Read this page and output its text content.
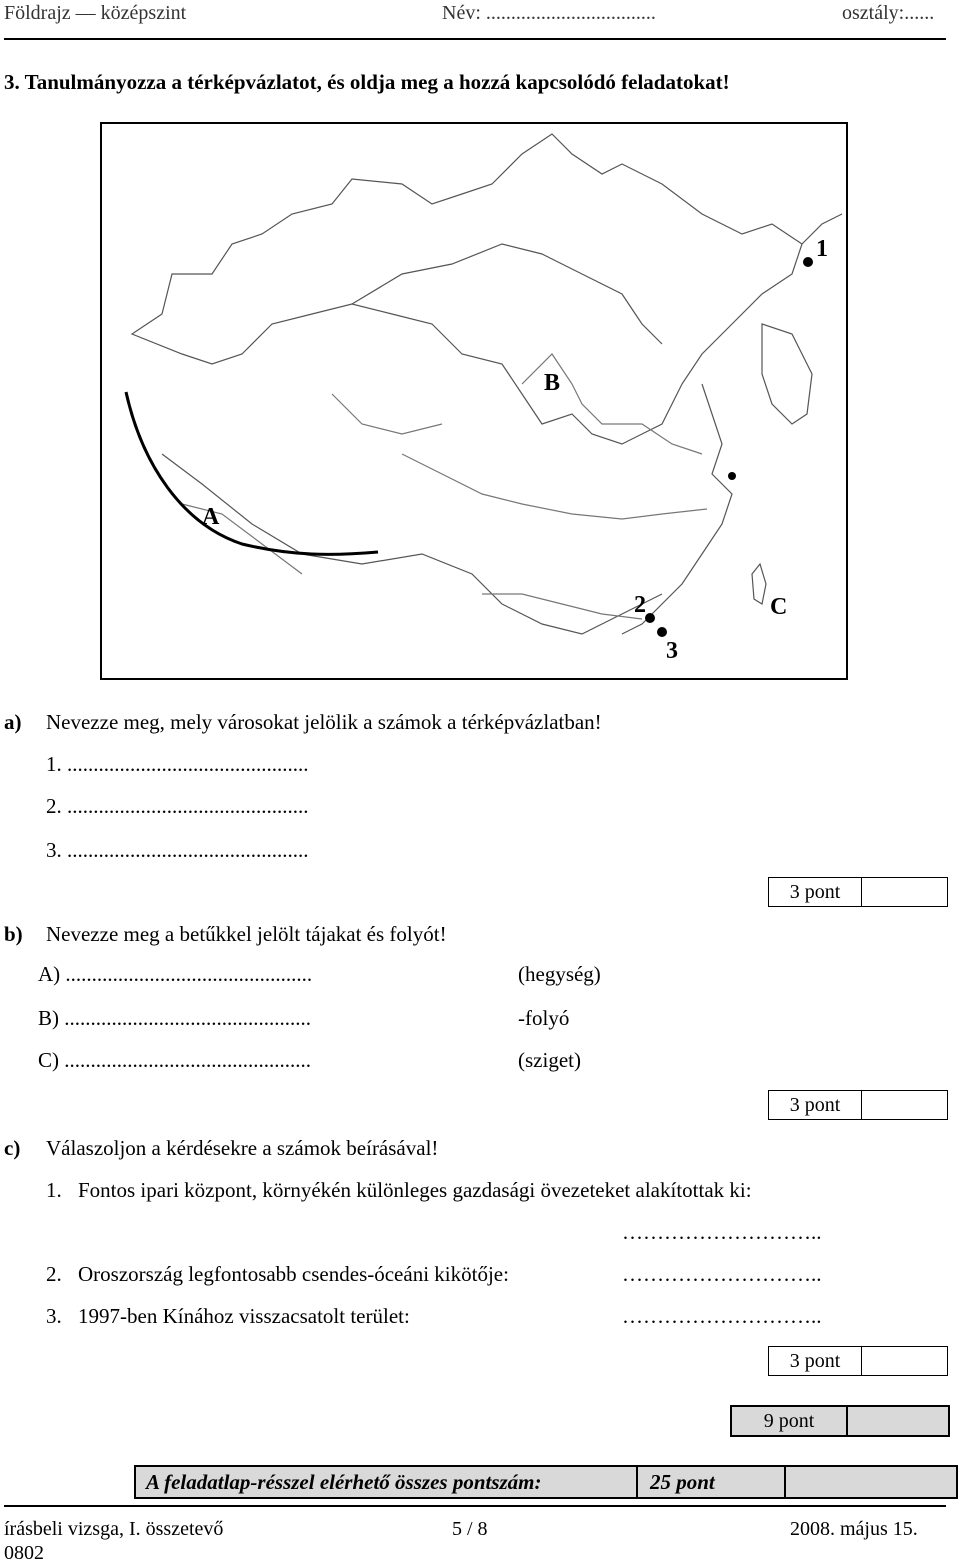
Földrajz — középszint	Név: ..................................	osztály:......
3. Tanulmányozza a térképvázlatot, és oldja meg a hozzá kapcsolódó feladatokat!
A
B
C
1
2
3
a) Nevezze meg, mely városokat jelölik a számok a térképvázlatban!
1. ..............................................
2. ..............................................
3. ..............................................
3 pont
b) Nevezze meg a betűkkel jelölt tájakat és folyót!
A) ...............................................	(hegység)
B) ...............................................	-folyó
C) ...............................................	(sziget)
3 pont
c) Válaszoljon a kérdésekre a számok beírásával!
1. Fontos ipari központ, környékén különleges gazdasági övezeteket alakítottak ki:
………………………..
2. Oroszország legfontosabb csendes-óceáni kikötője:	………………………..
3. 1997-ben Kínához visszacsatolt terület:	………………………..
3 pont
9 pont
A feladatlap-résszel elérhető összes pontszám:	25 pont
írásbeli vizsga, I. összetevő	5 / 8	2008. május 15.
0802
